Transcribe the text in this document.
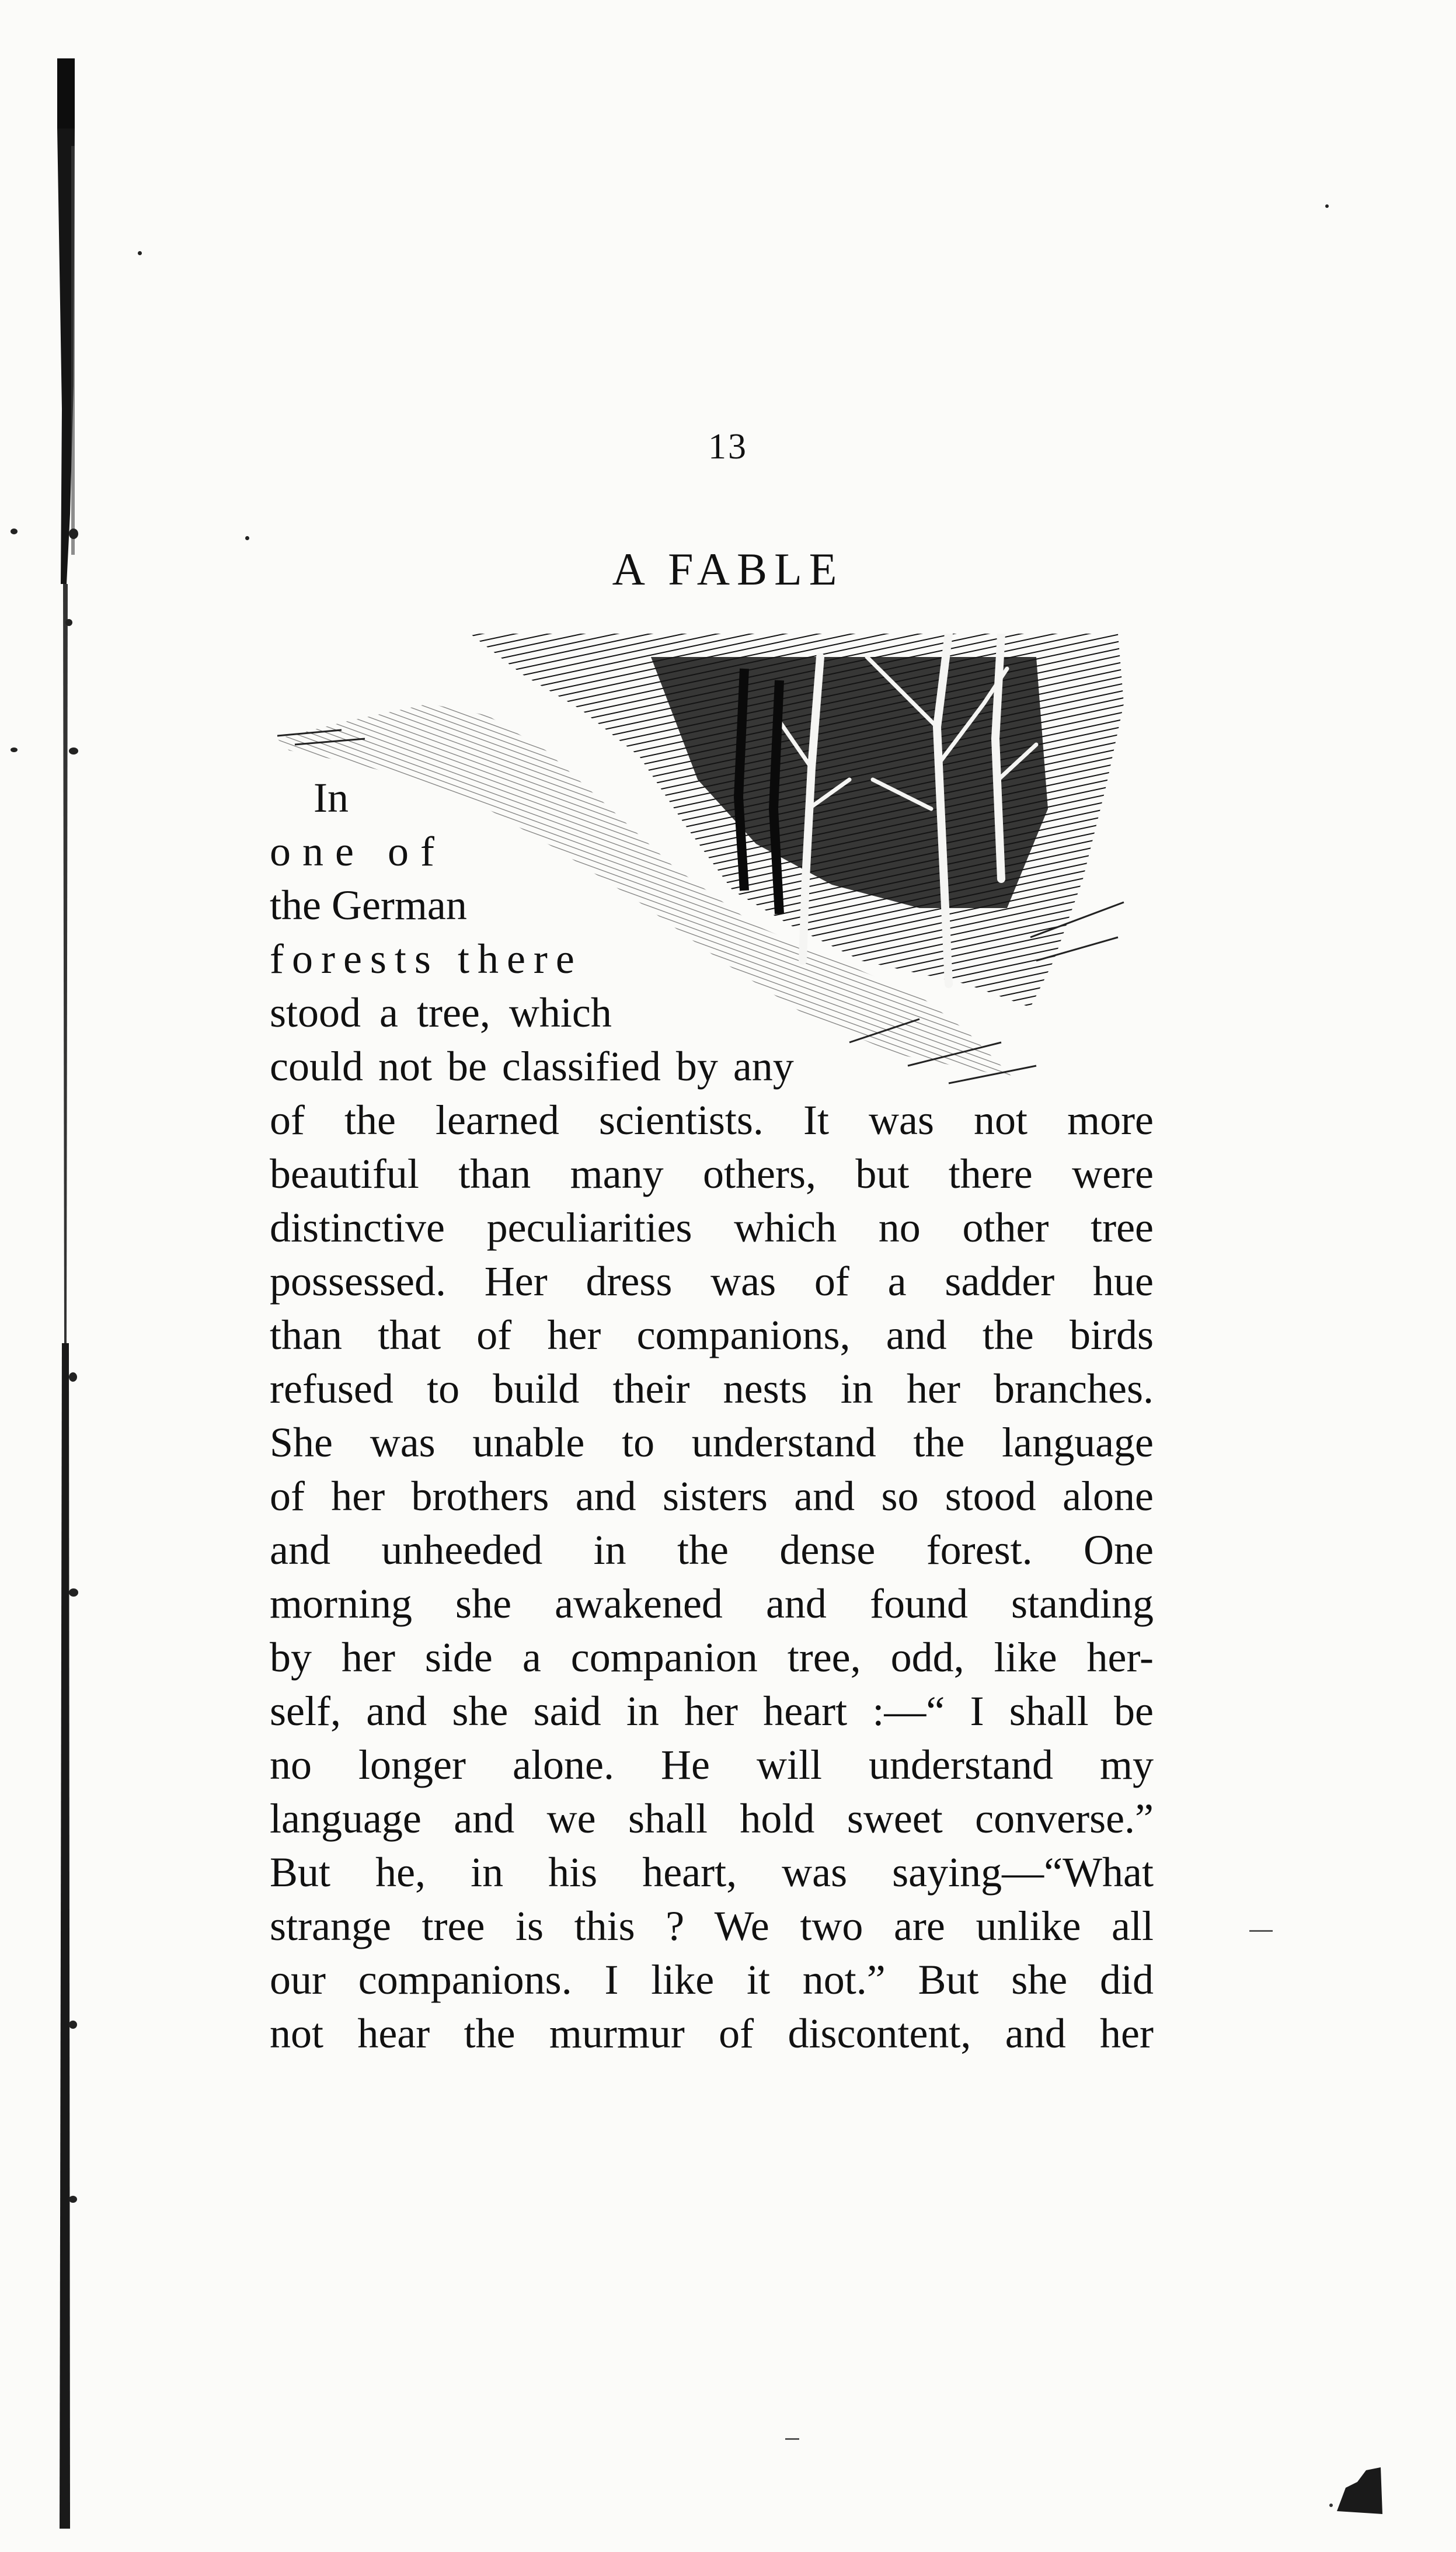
13
A FABLE
In
one of
the German
forests there
stood a tree, which
could not be classified by any
of the learned scientists. It was not more
beautiful than many others, but there were
distinctive peculiarities which no other tree
possessed. Her dress was of a sadder hue
than that of her companions, and the birds
refused to build their nests in her branches.
She was unable to understand the language
of her brothers and sisters and so stood alone
and unheeded in the dense forest. One
morning she awakened and found standing
by her side a companion tree, odd, like her-
self, and she said in her heart :—“ I shall be
no longer alone. He will understand my
language and we shall hold sweet converse.”
But he, in his heart, was saying—“What
strange tree is this ? We two are unlike all
our companions. I like it not.” But she did
not hear the murmur of discontent, and her
